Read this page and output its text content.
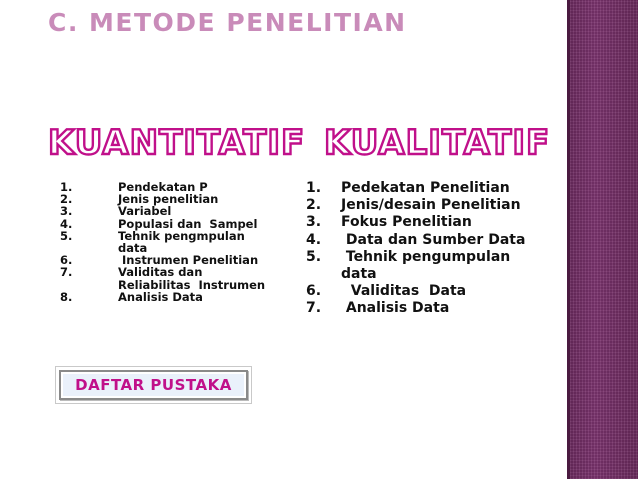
C. METODE PENELITIAN
KUANTITATIF KUALITATIF
1.	Pendekatan P
2.	Jenis penelitian
3.	Variabel
4.	Populasi dan  Sampel
5.	Tehnik pengmpulan
data
6.	Instrumen Penelitian
7.	Validitas dan
Reliabilitas  Instrumen
8.	Analisis Data
1.	Pedekatan Penelitian
2.	Jenis/desain Penelitian
3.	Fokus Penelitian
4.	Data dan Sumber Data
5.	Tehnik pengumpulan
data
6.	Validitas  Data
7.	Analisis Data
DAFTAR PUSTAKA
